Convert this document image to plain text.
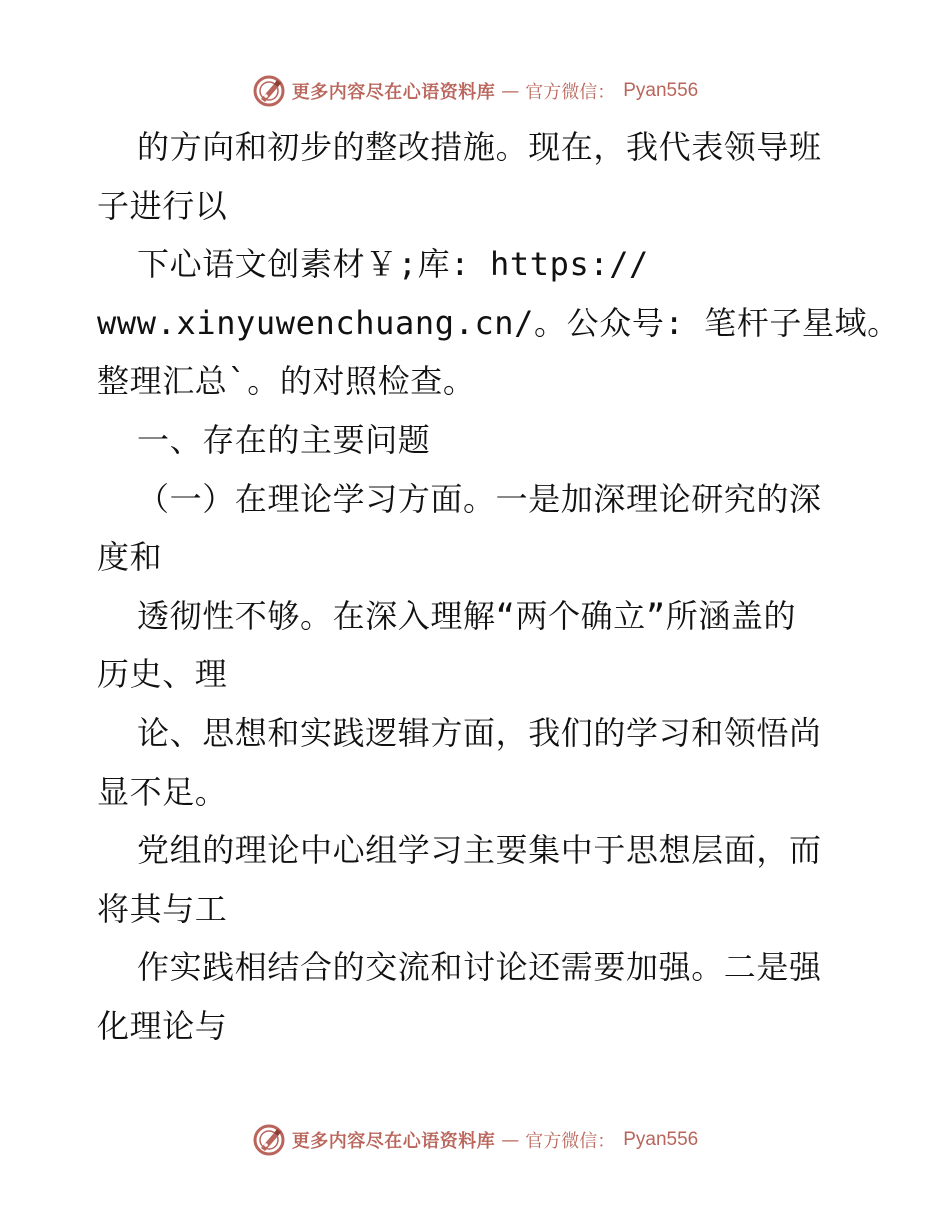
更多内容尽在心语资料库 — 官方微信： Pyan556
的方向和初步的整改措施。现在，我代表领导班
子进行以
下心语文创素材￥;库: https://
www.xinyuwenchuang.cn/。公众号: 笔杆子星域。
整理汇总`。的对照检查。
一、存在的主要问题
（一）在理论学习方面。一是加深理论研究的深
度和
透彻性不够。在深入理解“两个确立”所涵盖的
历史、理
论、思想和实践逻辑方面，我们的学习和领悟尚
显不足。
党组的理论中心组学习主要集中于思想层面，而
将其与工
作实践相结合的交流和讨论还需要加强。二是强
化理论与
更多内容尽在心语资料库 — 官方微信： Pyan556
